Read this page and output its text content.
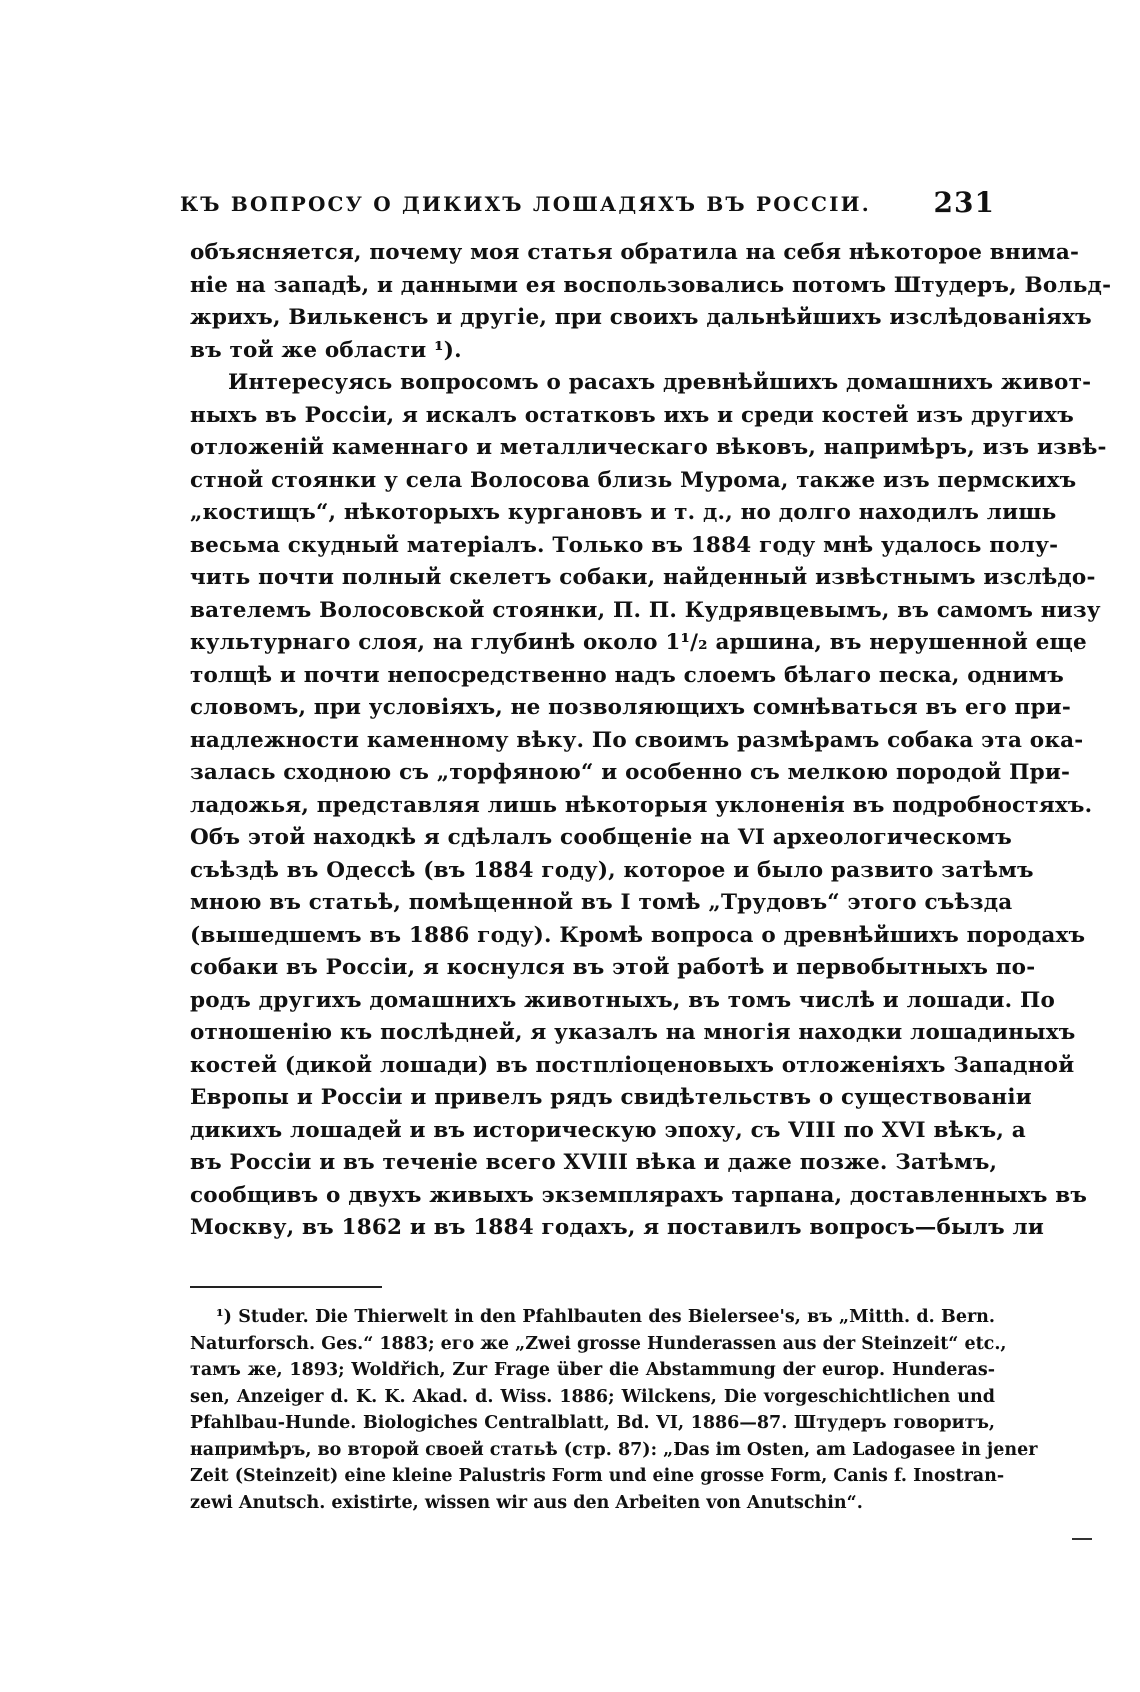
КЪ ВОПРОСУ О ДИКИХЪ ЛОШАДЯХЪ ВЪ РОССІИ. 231
объясняется, почему моя статья обратила на себя нѣкоторое внима-
ніе на западѣ, и данными ея воспользовались потомъ Штудеръ, Вольд-
жрихъ, Вилькенсъ и другіе, при своихъ дальнѣйшихъ изслѣдованіяхъ
въ той же области ¹).
Интересуясь вопросомъ о расахъ древнѣйшихъ домашнихъ живот-
ныхъ въ Россіи, я искалъ остатковъ ихъ и среди костей изъ другихъ
отложеній каменнаго и металлическаго вѣковъ, напримѣръ, изъ извѣ-
стной стоянки у села Волосова близь Мурома, также изъ пермскихъ
„костищъ“, нѣкоторыхъ кургановъ и т. д., но долго находилъ лишь
весьма скудный матеріалъ. Только въ 1884 году мнѣ удалось полу-
чить почти полный скелетъ собаки, найденный извѣстнымъ изслѣдо-
вателемъ Волосовской стоянки, П. П. Кудрявцевымъ, въ самомъ низу
культурнаго слоя, на глубинѣ около 1¹/₂ аршина, въ нерушенной еще
толщѣ и почти непосредственно надъ слоемъ бѣлаго песка, однимъ
словомъ, при условіяхъ, не позволяющихъ сомнѣваться въ его при-
надлежности каменному вѣку. По своимъ размѣрамъ собака эта ока-
залась сходною съ „торфяною“ и особенно съ мелкою породой При-
ладожья, представляя лишь нѣкоторыя уклоненія въ подробностяхъ.
Объ этой находкѣ я сдѣлалъ сообщеніе на VI археологическомъ
съѣздѣ въ Одессѣ (въ 1884 году), которое и было развито затѣмъ
мною въ статьѣ, помѣщенной въ I томѣ „Трудовъ“ этого съѣзда
(вышедшемъ въ 1886 году). Кромѣ вопроса о древнѣйшихъ породахъ
собаки въ Россіи, я коснулся въ этой работѣ и первобытныхъ по-
родъ другихъ домашнихъ животныхъ, въ томъ числѣ и лошади. По
отношенію къ послѣдней, я указалъ на многія находки лошадиныхъ
костей (дикой лошади) въ постпліоценовыхъ отложеніяхъ Западной
Европы и Россіи и привелъ рядъ свидѣтельствъ о существованіи
дикихъ лошадей и въ историческую эпоху, съ VIII по XVI вѣкъ, а
въ Россіи и въ теченіе всего XVIII вѣка и даже позже. Затѣмъ,
сообщивъ о двухъ живыхъ экземплярахъ тарпана, доставленныхъ въ
Москву, въ 1862 и въ 1884 годахъ, я поставилъ вопросъ—былъ ли
¹) Studer. Die Thierwelt in den Pfahlbauten des Bielersee's, въ „Mitth. d. Bern.
Naturforsch. Ges.“ 1883; его же „Zwei grosse Hunderassen aus der Steinzeit“ etc.,
тамъ же, 1893; Woldřich, Zur Frage über die Abstammung der europ. Hunderas-
sen, Anzeiger d. K. K. Akad. d. Wiss. 1886; Wilckens, Die vorgeschichtlichen und
Pfahlbau-Hunde. Biologiches Centralblatt, Bd. VI, 1886—87. Штудеръ говоритъ,
напримѣръ, во второй своей статьѣ (стр. 87): „Das im Osten, am Ladogasee in jener
Zeit (Steinzeit) eine kleine Palustris Form und eine grosse Form, Canis f. Inostran-
zewi Anutsch. existirte, wissen wir aus den Arbeiten von Anutschin“.
